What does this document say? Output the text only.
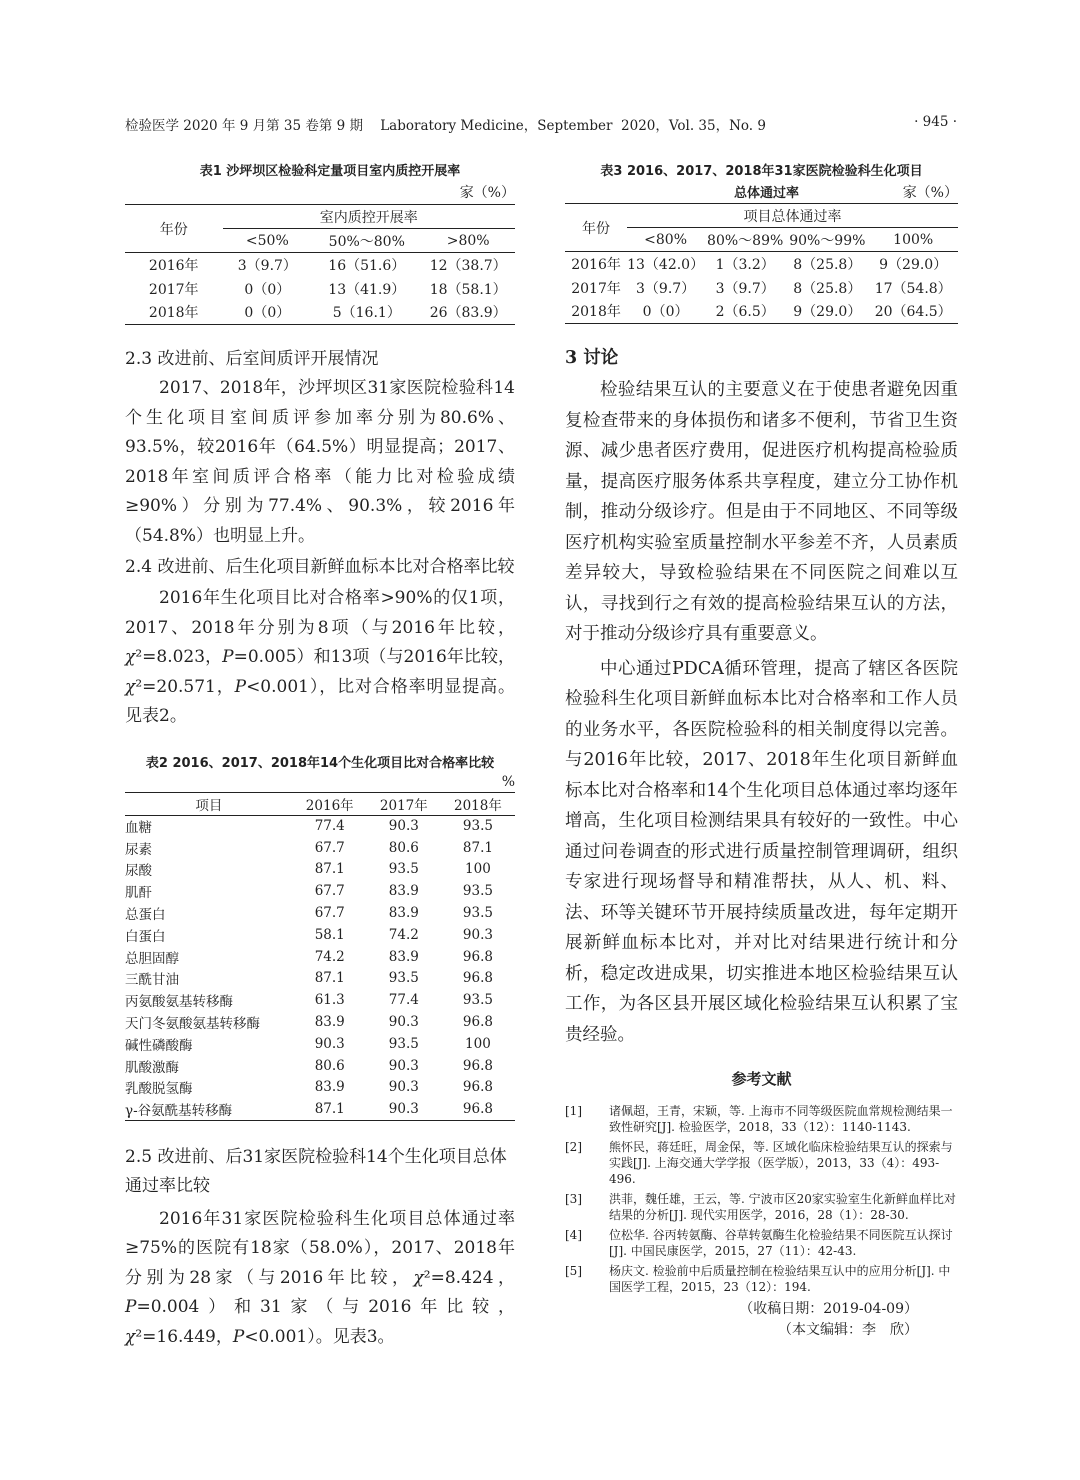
检验医学 2020 年 9 月第 35 卷第 9 期    Laboratory Medicine，September  2020，Vol. 35，No. 9	· 945 ·
表1 沙坪坝区检验科定量项目室内质控开展率
家（%）
年份	室内质控开展率		
	<50%	50%～80%	>80%
2016年	3（9.7）	16（51.6）	12（38.7）
2017年	0（0）	13（41.9）	18（58.1）
2018年	0（0）	5（16.1）	26（83.9）
2.3 改进前、后室间质评开展情况

2017、2018年，沙坪坝区31家医院检验科14个生化项目室间质评参加率分别为80.6%、93.5%，较2016年（64.5%）明显提高；2017、2018年室间质评合格率（能力比对检验成绩≥90%）分别为77.4%、90.3%，较2016年（54.8%）也明显上升。

2.4 改进前、后生化项目新鲜血标本比对合格率比较

2016年生化项目比对合格率>90%的仅1项，2017、2018年分别为8项（与2016年比较，χ²=8.023，P=0.005）和13项（与2016年比较，χ²=20.571，P<0.001），比对合格率明显提高。见表2。

表2 2016、2017、2018年14个生化项目比对合格率比较
%
项目	2016年	2017年	2018年
血糖	77.4	90.3	93.5
尿素	67.7	80.6	87.1
尿酸	87.1	93.5	100
肌酐	67.7	83.9	93.5
总蛋白	67.7	83.9	93.5
白蛋白	58.1	74.2	90.3
总胆固醇	74.2	83.9	96.8
三酰甘油	87.1	93.5	96.8
丙氨酸氨基转移酶	61.3	77.4	93.5
天门冬氨酸氨基转移酶	83.9	90.3	96.8
碱性磷酸酶	90.3	93.5	100
肌酸激酶	80.6	90.3	96.8
乳酸脱氢酶	83.9	90.3	96.8
γ-谷氨酰基转移酶	87.1	90.3	96.8
2.5 改进前、后31家医院检验科14个生化项目总体通过率比较

2016年31家医院检验科生化项目总体通过率≥75%的医院有18家（58.0%），2017、2018年分别为28家（与2016年比较，χ²=8.424，P=0.004）和31家（与2016年比较，χ²=16.449，P<0.001）。见表3。

表3 2016、2017、2018年31家医院检验科生化项目
总体通过率	家（%）
年份	项目总体通过率			
	<80%	80%～89%	90%～99%	100%
2016年	13（42.0）	1（3.2）	8（25.8）	9（29.0）
2017年	3（9.7）	3（9.7）	8（25.8）	17（54.8）
2018年	0（0）	2（6.5）	9（29.0）	20（64.5）
3 讨论

检验结果互认的主要意义在于使患者避免因重复检查带来的身体损伤和诸多不便利，节省卫生资源、减少患者医疗费用，促进医疗机构提高检验质量，提高医疗服务体系共享程度，建立分工协作机制，推动分级诊疗。但是由于不同地区、不同等级医疗机构实验室质量控制水平参差不齐，人员素质差异较大，导致检验结果在不同医院之间难以互认，寻找到行之有效的提高检验结果互认的方法，对于推动分级诊疗具有重要意义。

中心通过PDCA循环管理，提高了辖区各医院检验科生化项目新鲜血标本比对合格率和工作人员的业务水平，各医院检验科的相关制度得以完善。与2016年比较，2017、2018年生化项目新鲜血标本比对合格率和14个生化项目总体通过率均逐年增高，生化项目检测结果具有较好的一致性。中心通过问卷调查的形式进行质量控制管理调研，组织专家进行现场督导和精准帮扶，从人、机、料、法、环等关键环节开展持续质量改进，每年定期开展新鲜血标本比对，并对比对结果进行统计和分析，稳定改进成果，切实推进本地区检验结果互认工作，为各区县开展区域化检验结果互认积累了宝贵经验。

参考文献
[1] 诸佩超，王青，宋颖，等. 上海市不同等级医院血常规检测结果一致性研究[J]. 检验医学，2018，33（12）：1140-1143.
[2] 熊怀民，蒋廷旺，周金保，等. 区域化临床检验结果互认的探索与实践[J]. 上海交通大学学报（医学版），2013，33（4）：493-496.
[3] 洪菲，魏任雄，王云，等. 宁波市区20家实验室生化新鲜血样比对结果的分析[J]. 现代实用医学，2016，28（1）：28-30.
[4] 位松华. 谷丙转氨酶、谷草转氨酶生化检验结果不同医院互认探讨[J]. 中国民康医学，2015，27（11）：42-43.
[5] 杨庆文. 检验前中后质量控制在检验结果互认中的应用分析[J]. 中国医学工程，2015，23（12）：194.
（收稿日期：2019-04-09）
（本文编辑：李　欣）
